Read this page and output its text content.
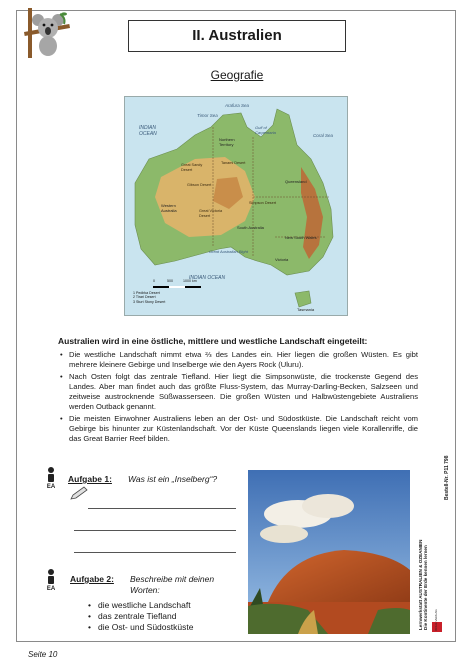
II. Australien
Geografie
INDIAN
OCEAN
INDIAN OCEAN
Timor Sea
Arafura Sea
Gulf of Carpentaria
Coral Sea
Great Australian Bight
Northern Territory
Queensland
Western Australia
South Australia
New South Wales
Victoria
Tasmania
Great Sandy Desert
Gibson Desert
Great Victoria Desert
Simpson Desert
Tanami Desert
1 Pedirka Desert
2 Tirari Desert
3 Sturt Stony Desert
0	500	1000 km
Australien wird in eine östliche, mittlere und westliche Landschaft eingeteilt:
• Die westliche Landschaft nimmt etwa ⅔ des Landes ein. Hier liegen die großen Wüsten. Es gibt mehrere kleinere Gebirge und Inselberge wie den Ayers Rock (Uluru).
• Nach Osten folgt das zentrale Tiefland. Hier liegt die Simpsonwüste, die trockenste Gegend des Landes. Aber man findet auch das größte Fluss-System, das Murray-Darling-Becken, Salzseen und zeitweise austrocknende Süßwasserseen. Die großen Wüsten und Halbwüstengebiete Australiens werden Outback genannt.
• Die meisten Einwohner Australiens leben an der Ost- und Südostküste. Die Landschaft reicht vom Gebirge bis hinunter zur Küstenlandschaft. Vor der Küste Queenslands liegen viele Korallenriffe, die das Great Barrier Reef bilden.
EA
Aufgabe 1: Was ist ein „Inselberg“?
EA
Aufgabe 2: Beschreibe mit deinen
Worten:
• die westliche Landschaft
• das zentrale Tiefland
• die Ost- und Südostküste	Lernwerkstatt AUSTRALIEN & OZEANIEN Die Kontinente der Erde kennen lernen
Bestell-Nr. P11 798
KOHL-VERLAG
Seite 10
